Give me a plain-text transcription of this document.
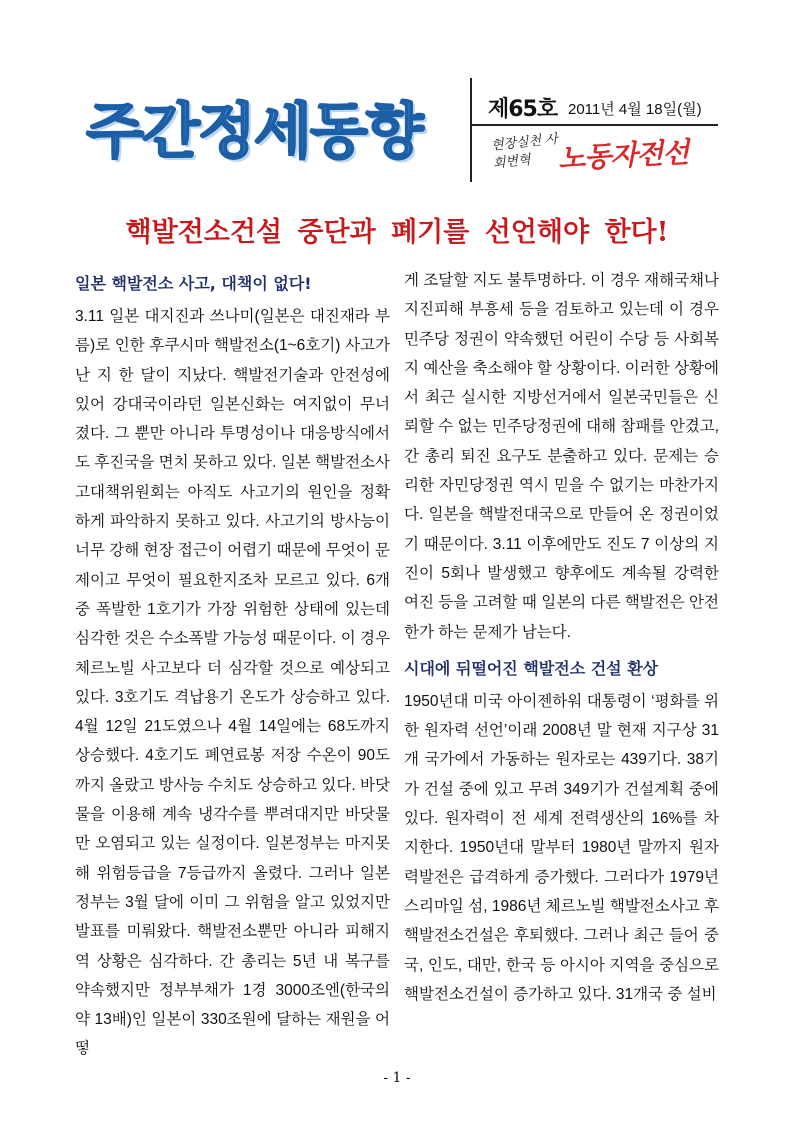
주간정세동향	제65호 2011년 4월 18일(월)
현장실천 사회변혁 노동자전선
핵발전소건설 중단과 폐기를 선언해야 한다!
일본 핵발전소 사고, 대책이 없다!

3.11 일본 대지진과 쓰나미(일본은 대진재라 부름)로 인한 후쿠시마 핵발전소(1~6호기) 사고가 난 지 한 달이 지났다. 핵발전기술과 안전성에 있어 강대국이라던 일본신화는 여지없이 무너졌다. 그 뿐만 아니라 투명성이나 대응방식에서도 후진국을 면치 못하고 있다. 일본 핵발전소사고대책위원회는 아직도 사고기의 원인을 정확하게 파악하지 못하고 있다. 사고기의 방사능이 너무 강해 현장 접근이 어렵기 때문에 무엇이 문제이고 무엇이 필요한지조차 모르고 있다. 6개 중 폭발한 1호기가 가장 위험한 상태에 있는데 심각한 것은 수소폭발 가능성 때문이다. 이 경우 체르노빌 사고보다 더 심각할 것으로 예상되고 있다. 3호기도 격납용기 온도가 상승하고 있다. 4월 12일 21도였으나 4월 14일에는 68도까지 상승했다. 4호기도 폐연료봉 저장 수온이 90도까지 올랐고 방사능 수치도 상승하고 있다. 바닷물을 이용해 계속 냉각수를 뿌려대지만 바닷물만 오염되고 있는 실정이다. 일본정부는 마지못해 위험등급을 7등급까지 올렸다. 그러나 일본정부는 3월 달에 이미 그 위험을 알고 있었지만 발표를 미뤄왔다. 핵발전소뿐만 아니라 피해지역 상황은 심각하다. 간 총리는 5년 내 복구를 약속했지만 정부부채가 1경 3000조엔(한국의 약 13배)인 일본이 330조원에 달하는 재원을 어떻

게 조달할 지도 불투명하다. 이 경우 재해국채나 지진피해 부흥세 등을 검토하고 있는데 이 경우 민주당 정권이 약속했던 어린이 수당 등 사회복지 예산을 축소해야 할 상황이다. 이러한 상황에서 최근 실시한 지방선거에서 일본국민들은 신뢰할 수 없는 민주당정권에 대해 참패를 안겼고, 간 총리 퇴진 요구도 분출하고 있다. 문제는 승리한 자민당정권 역시 믿을 수 없기는 마찬가지다. 일본을 핵발전대국으로 만들어 온 정권이었기 때문이다. 3.11 이후에만도 진도 7 이상의 지진이 5회나 발생했고 향후에도 계속될 강력한 여진 등을 고려할 때 일본의 다른 핵발전은 안전한가 하는 문제가 남는다.

시대에 뒤떨어진 핵발전소 건설 환상

1950년대 미국 아이젠하워 대통령이 ‘평화를 위한 원자력 선언’이래 2008년 말 현재 지구상 31개 국가에서 가동하는 원자로는 439기다. 38기가 건설 중에 있고 무려 349기가 건설계획 중에 있다. 원자력이 전 세계 전력생산의 16%를 차지한다. 1950년대 말부터 1980년 말까지 원자력발전은 급격하게 증가했다. 그러다가 1979년 스리마일 섬, 1986년 체르노빌 핵발전소사고 후 핵발전소건설은 후퇴했다. 그러나 최근 들어 중국, 인도, 대만, 한국 등 아시아 지역을 중심으로 핵발전소건설이 증가하고 있다. 31개국 중 설비

- 1 -
